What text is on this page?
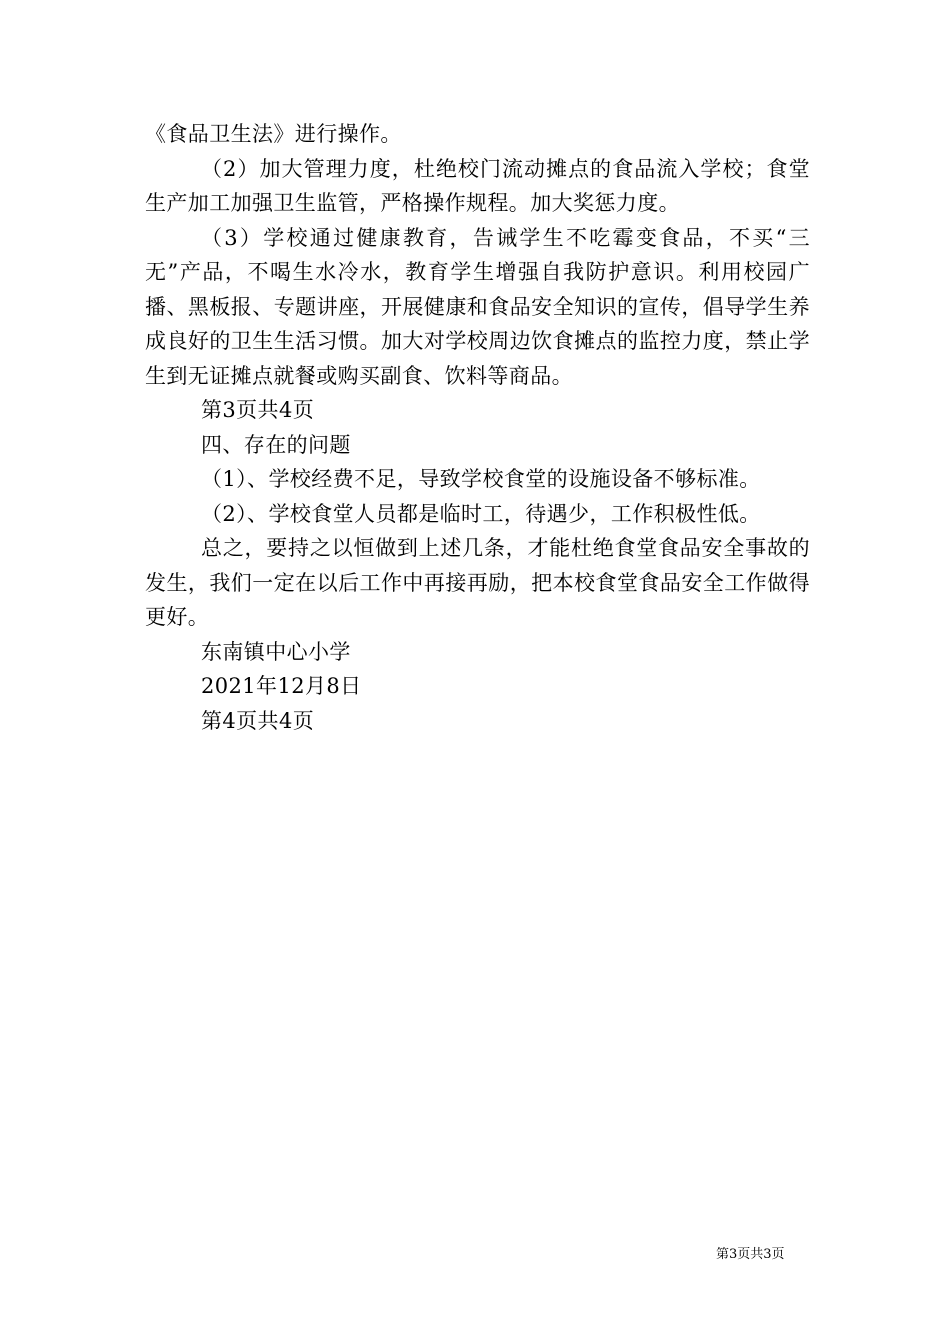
《食品卫生法》进行操作。

（2）加大管理力度，杜绝校门流动摊点的食品流入学校；食堂生产加工加强卫生监管，严格操作规程。加大奖惩力度。

（3）学校通过健康教育，告诫学生不吃霉变食品，不买“三无”产品，不喝生水冷水，教育学生增强自我防护意识。利用校园广播、黑板报、专题讲座，开展健康和食品安全知识的宣传，倡导学生养成良好的卫生生活习惯。加大对学校周边饮食摊点的监控力度，禁止学生到无证摊点就餐或购买副食、饮料等商品。

第3页共4页

四、存在的问题

（1）、学校经费不足，导致学校食堂的设施设备不够标准。

（2）、学校食堂人员都是临时工，待遇少，工作积极性低。

总之，要持之以恒做到上述几条，才能杜绝食堂食品安全事故的发生，我们一定在以后工作中再接再励，把本校食堂食品安全工作做得更好。

东南镇中心小学

2021年12月8日

第4页共4页

第3页共3页
